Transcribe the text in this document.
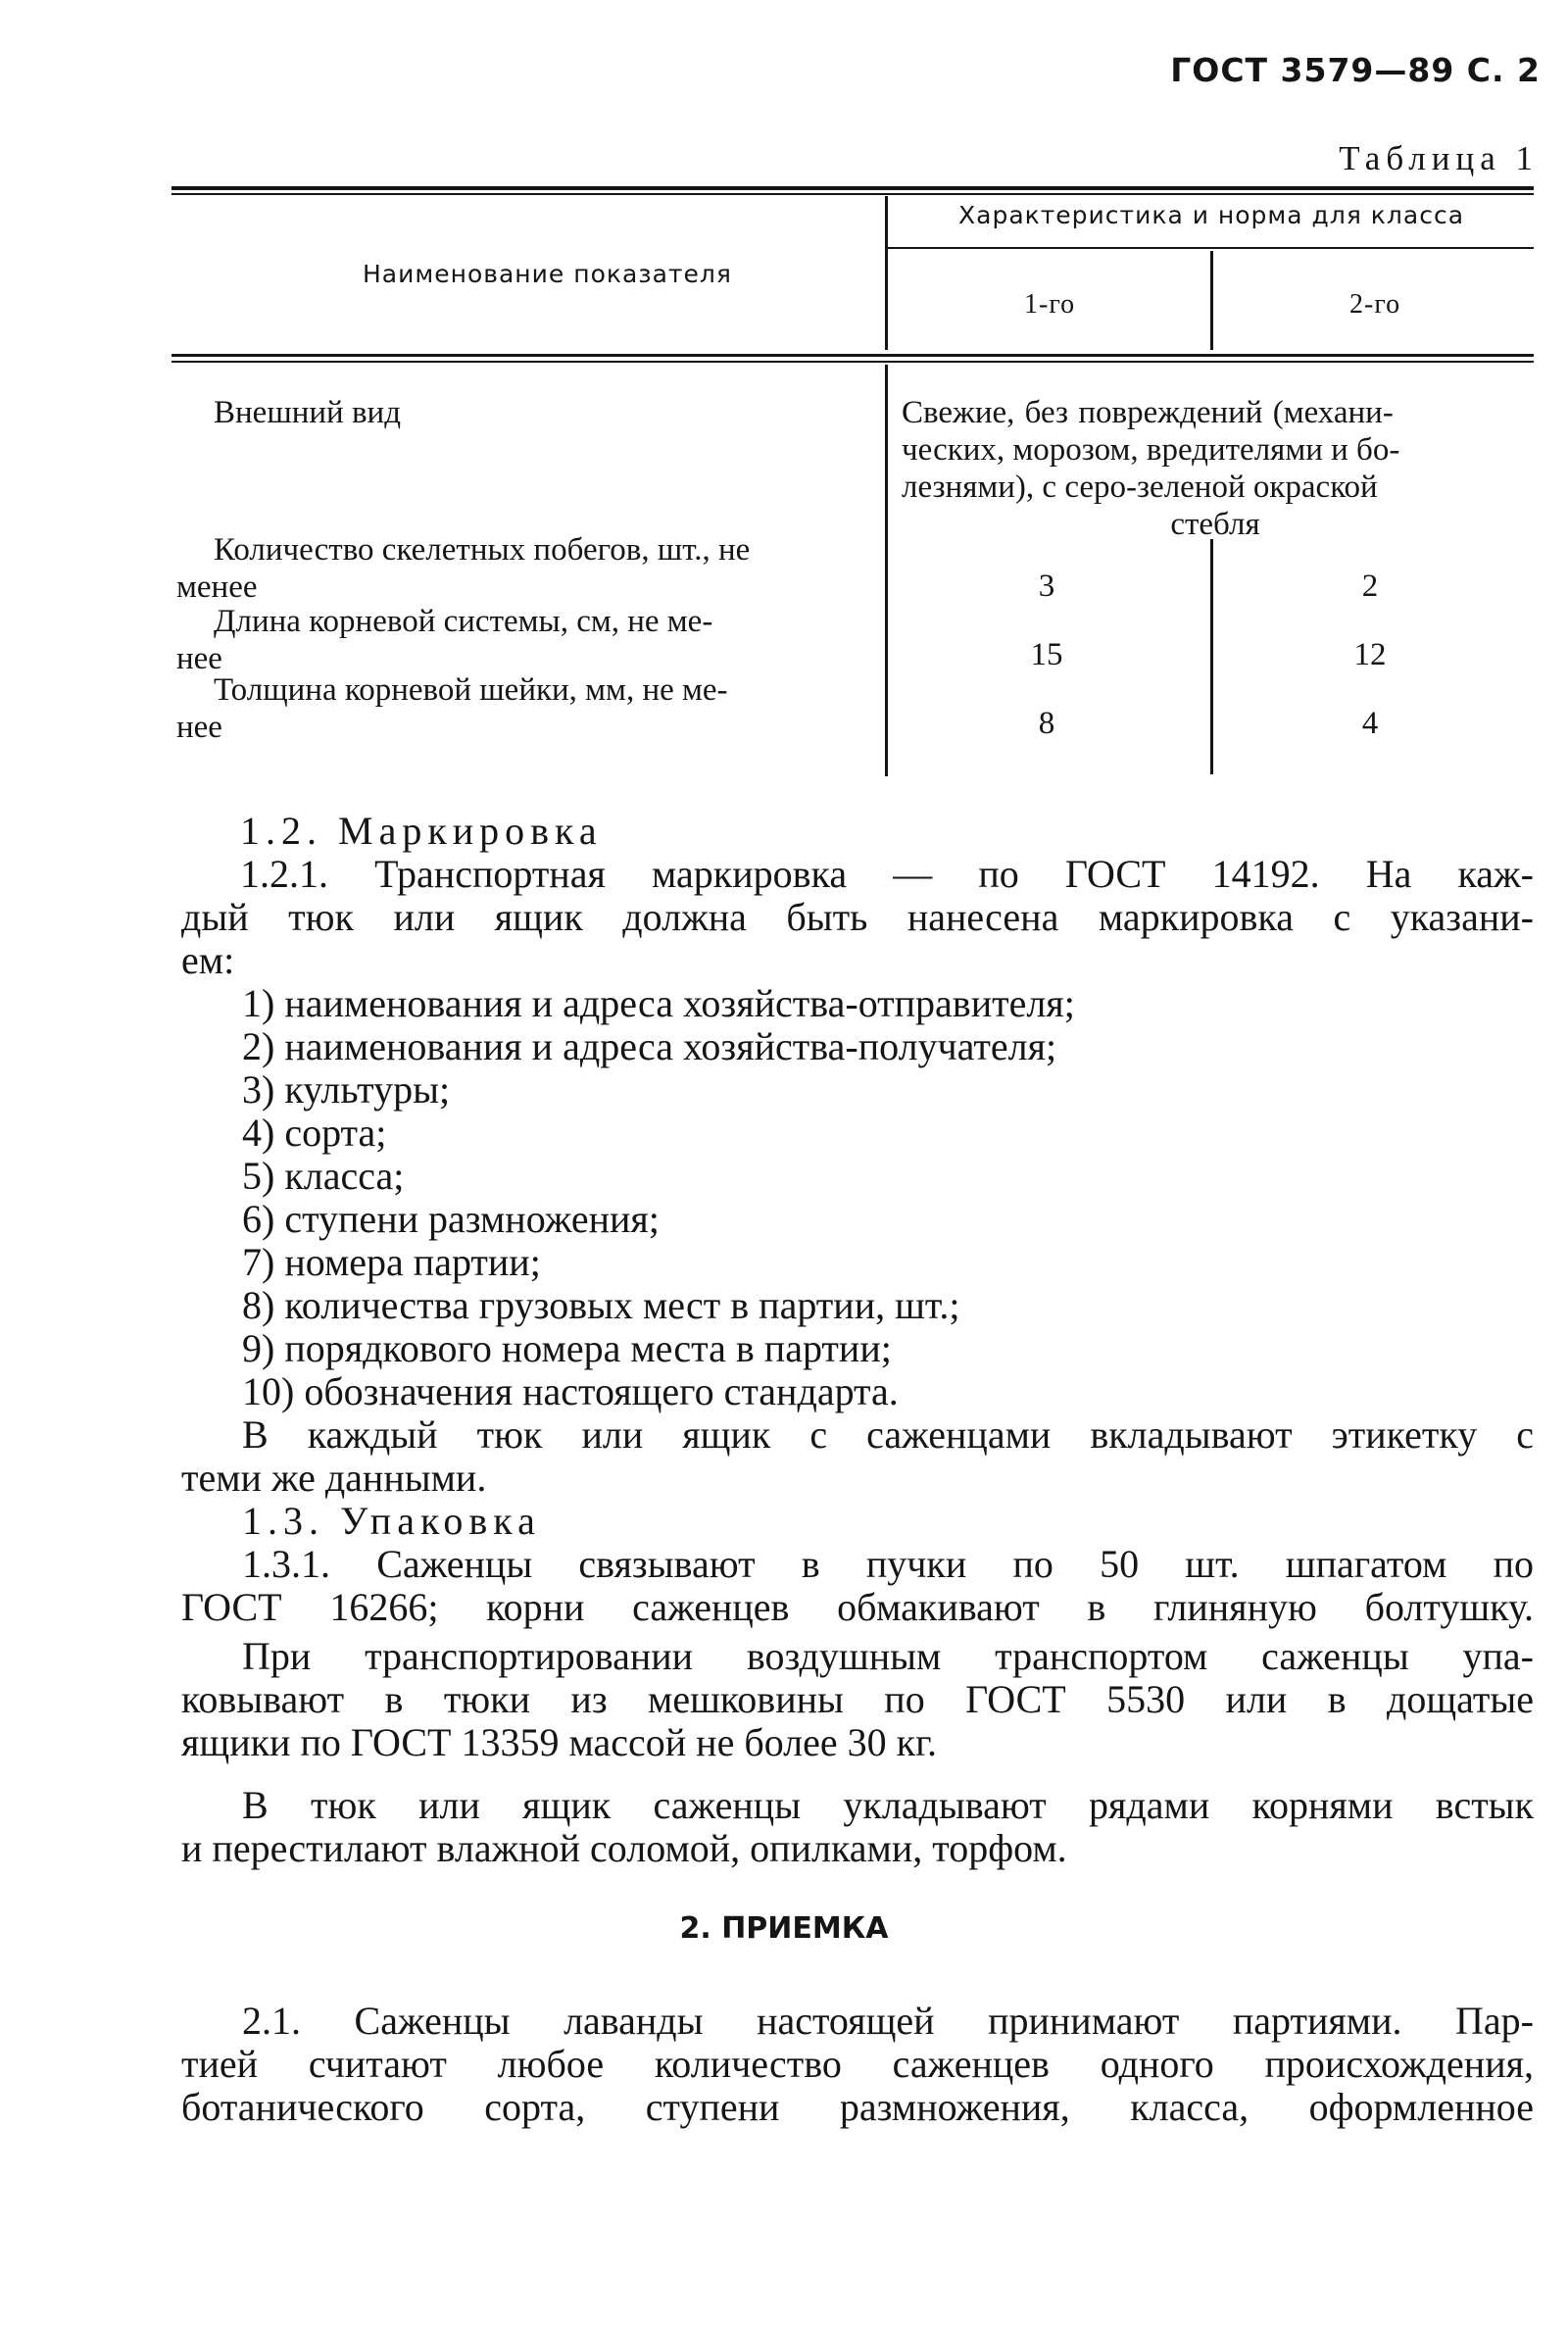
ГОСТ 3579—89 С. 2
Таблица 1
Наименование показателя
Характеристика и норма для класса
1-го	2-го
Внешний вид	Свежие, без повреждений (механи-
ческих, морозом, вредителями и бо-
лезнями), с серо-зеленой окраской
стебля
Количество скелетных побегов, шт., не
менее	3	2
Длина корневой системы, см, не ме-
нее	15	12
Толщина корневой шейки, мм, не ме-
нее	8	4
1.2. Маркировка
1.2.1. Транспортная маркировка — по ГОСТ 14192. На каж-
дый тюк или ящик должна быть нанесена маркировка с указани-
ем:
1) наименования и адреса хозяйства-отправителя;
2) наименования и адреса хозяйства-получателя;
3) культуры;
4) сорта;
5) класса;
6) ступени размножения;
7) номера партии;
8) количества грузовых мест в партии, шт.;
9) порядкового номера места в партии;
10) обозначения настоящего стандарта.
В каждый тюк или ящик с саженцами вкладывают этикетку с
теми же данными.
1.3. Упаковка
1.3.1. Саженцы связывают в пучки по 50 шт. шпагатом по
ГОСТ 16266; корни саженцев обмакивают в глиняную болтушку.
При транспортировании воздушным транспортом саженцы упа-
ковывают в тюки из мешковины по ГОСТ 5530 или в дощатые
ящики по ГОСТ 13359 массой не более 30 кг.
В тюк или ящик саженцы укладывают рядами корнями встык
и перестилают влажной соломой, опилками, торфом.
2. ПРИЕМКА
2.1. Саженцы лаванды настоящей принимают партиями. Пар-
тией считают любое количество саженцев одного происхождения,
ботанического сорта, ступени размножения, класса, оформленное
